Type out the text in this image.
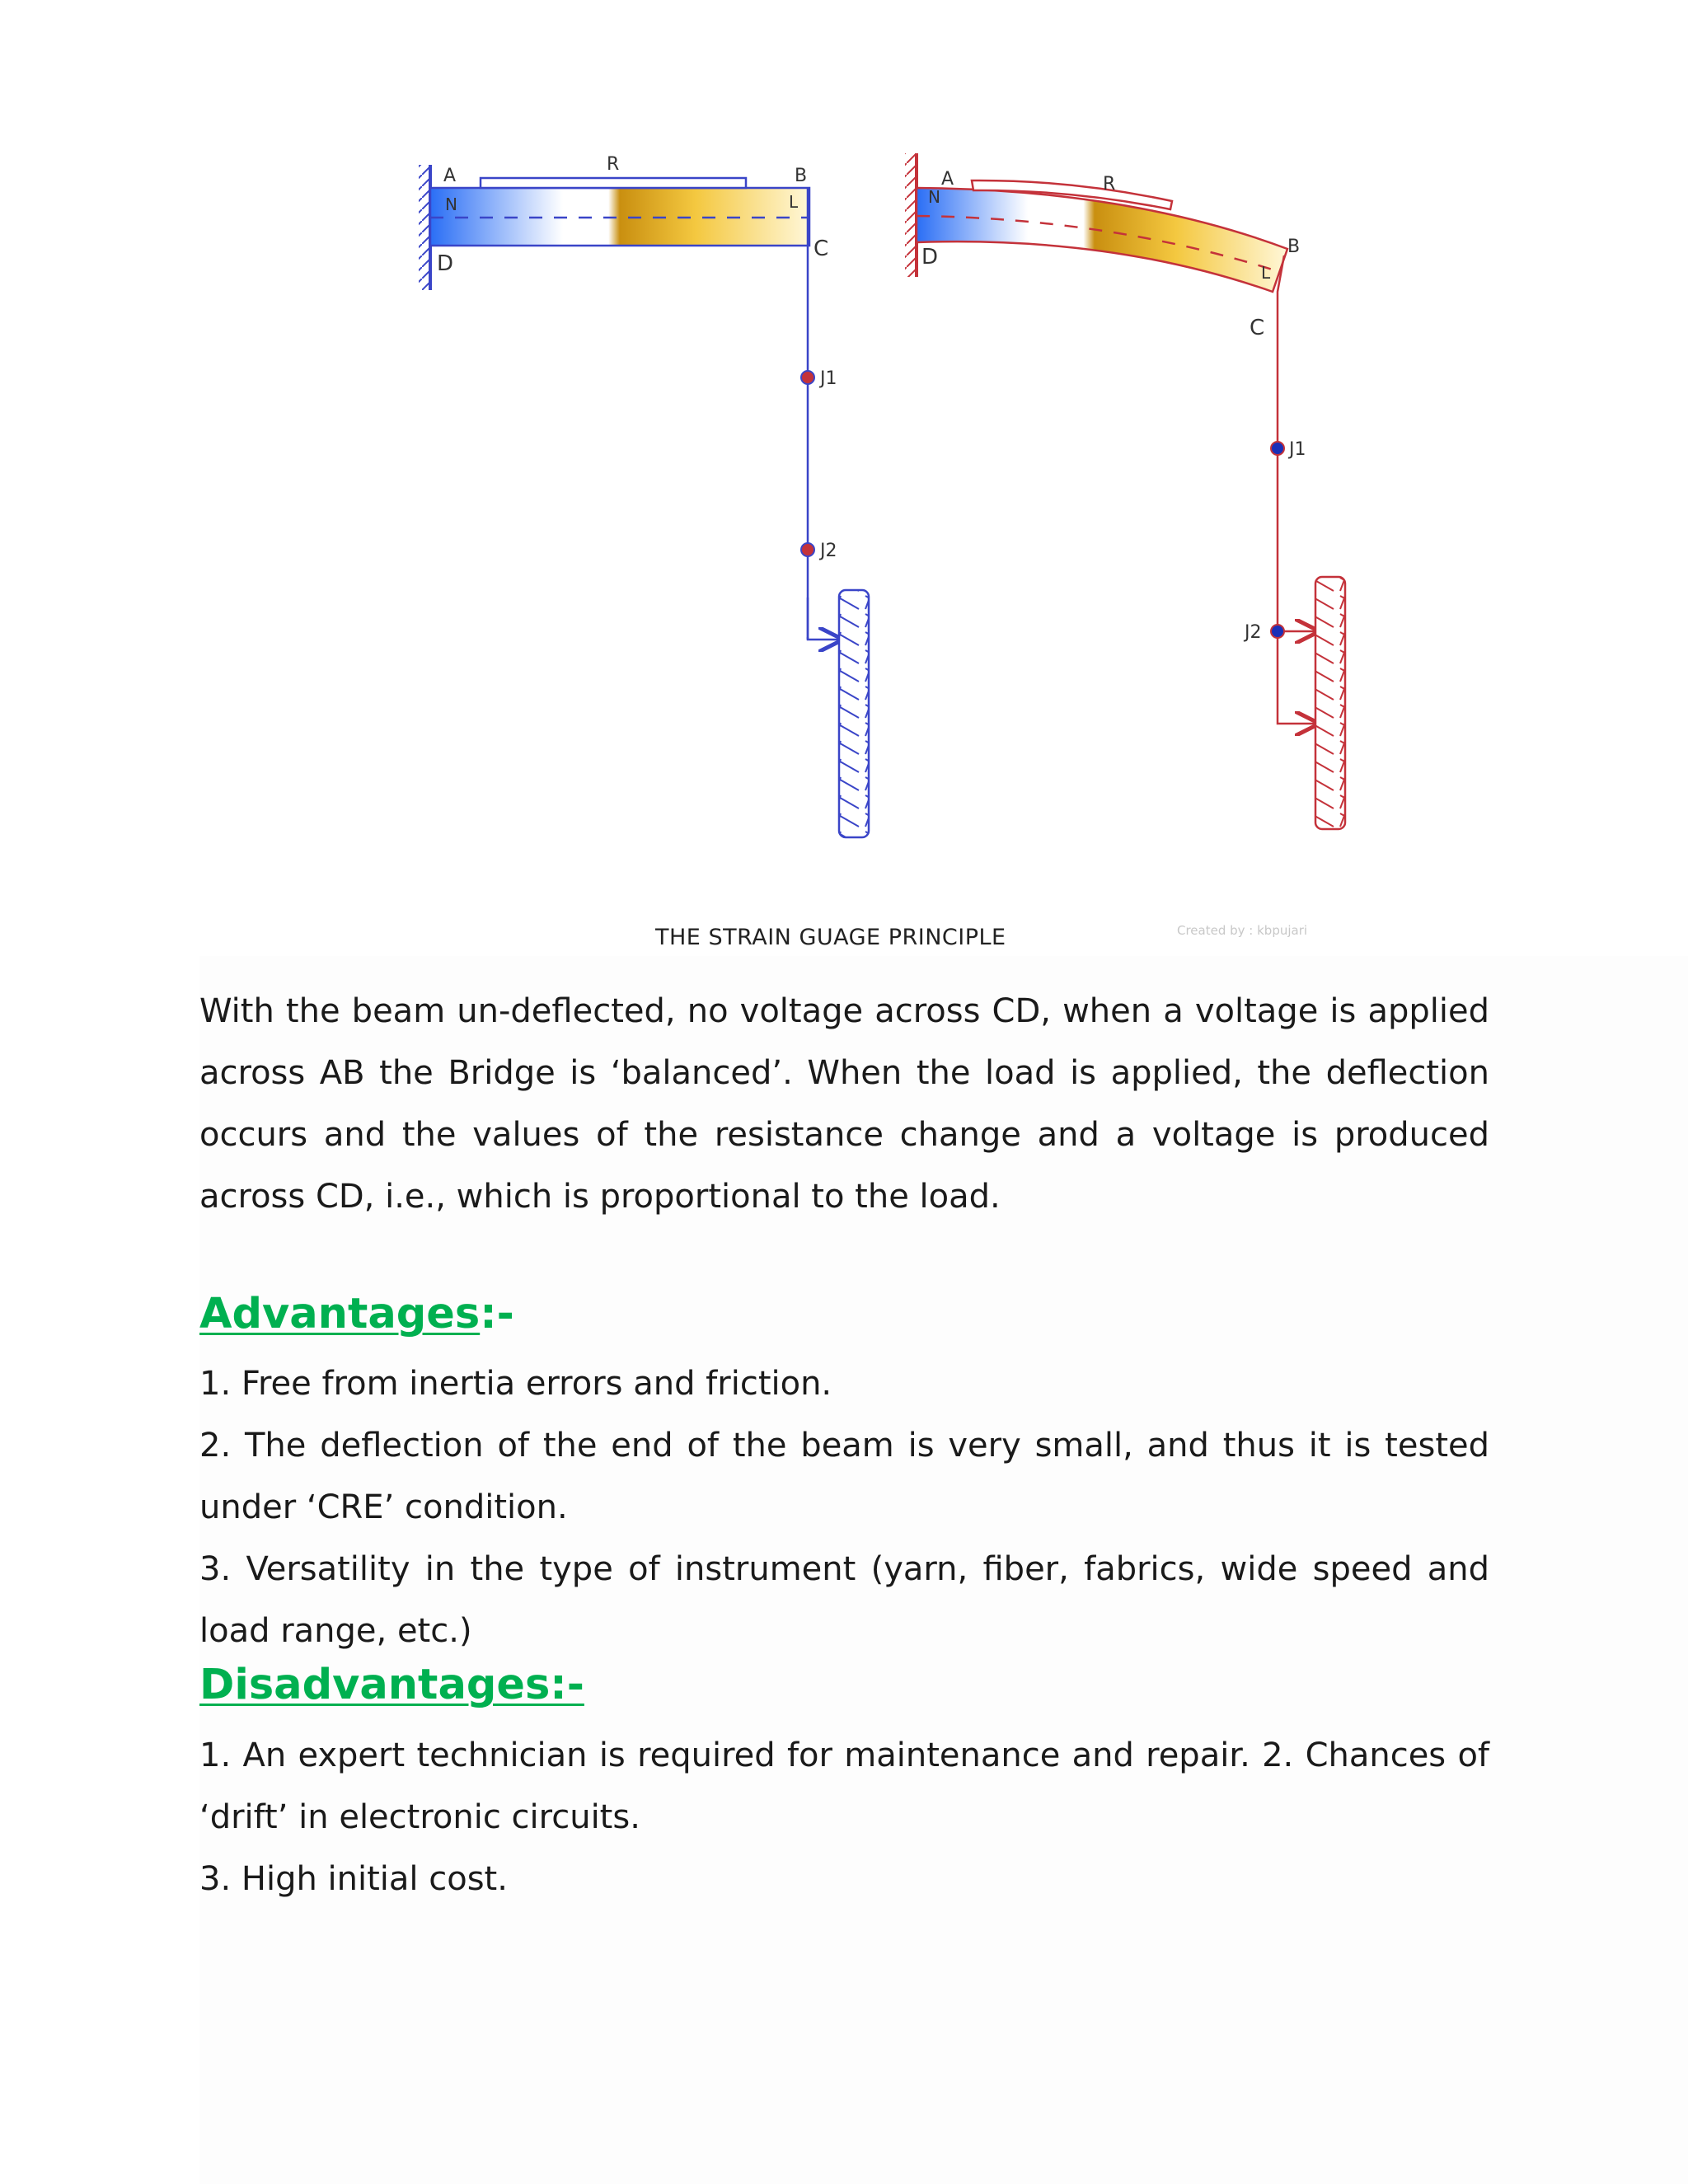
A
R
B
N	L
D
C
J1
J2
A	R
B
N
L
D
C
J1
J2
THE STRAIN GUAGE PRINCIPLE	Created by : kbpujari
With the beam un-deflected, no voltage across CD, when a voltage is applied across AB the Bridge is ‘balanced’. When the load is applied, the deflection occurs and the values of the resistance change and a voltage is produced across CD, i.e., which is proportional to the load.
Advantages:-

1. Free from inertia errors and friction.

2. The deflection of the end of the beam is very small, and thus it is tested under ‘CRE’ condition.

3. Versatility in the type of instrument (yarn, fiber, fabrics, wide speed and load range, etc.)

Disadvantages:-

1. An expert technician is required for maintenance and repair. 2. Chances of ‘drift’ in electronic circuits.

3. High initial cost.
